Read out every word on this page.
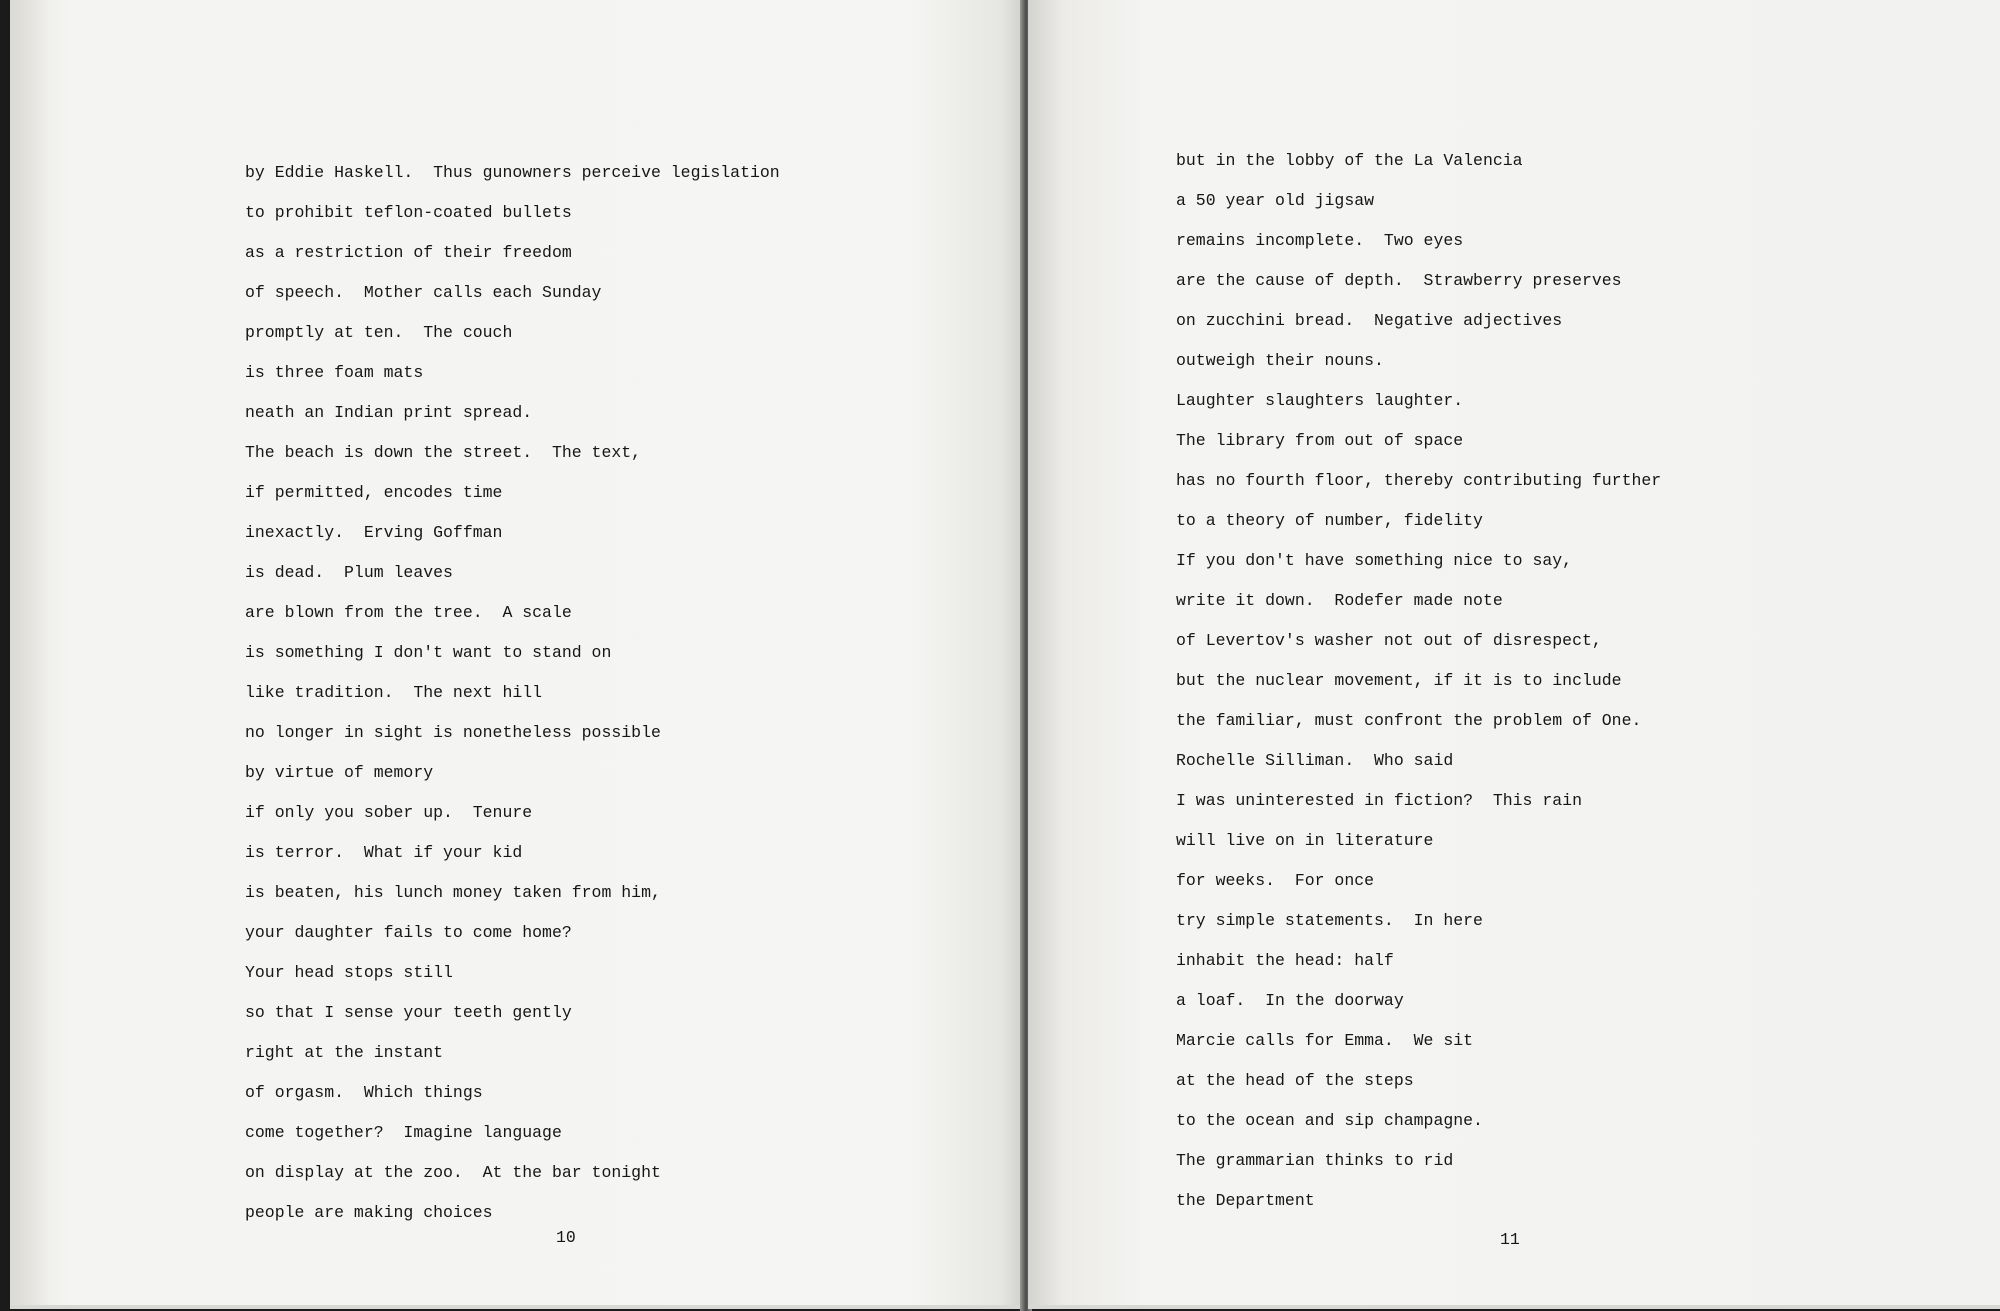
by Eddie Haskell.  Thus gunowners perceive legislation
to prohibit teflon-coated bullets
as a restriction of their freedom
of speech.  Mother calls each Sunday
promptly at ten.  The couch
is three foam mats
neath an Indian print spread.
The beach is down the street.  The text,
if permitted, encodes time
inexactly.  Erving Goffman
is dead.  Plum leaves
are blown from the tree.  A scale
is something I don't want to stand on
like tradition.  The next hill
no longer in sight is nonetheless possible
by virtue of memory
if only you sober up.  Tenure
is terror.  What if your kid
is beaten, his lunch money taken from him,
your daughter fails to come home?
Your head stops still
so that I sense your teeth gently
right at the instant
of orgasm.  Which things
come together?  Imagine language
on display at the zoo.  At the bar tonight
people are making choices
10
but in the lobby of the La Valencia
a 50 year old jigsaw
remains incomplete.  Two eyes
are the cause of depth.  Strawberry preserves
on zucchini bread.  Negative adjectives
outweigh their nouns.
Laughter slaughters laughter.
The library from out of space
has no fourth floor, thereby contributing further
to a theory of number, fidelity
If you don't have something nice to say,
write it down.  Rodefer made note
of Levertov's washer not out of disrespect,
but the nuclear movement, if it is to include
the familiar, must confront the problem of One.
Rochelle Silliman.  Who said
I was uninterested in fiction?  This rain
will live on in literature
for weeks.  For once
try simple statements.  In here
inhabit the head: half
a loaf.  In the doorway
Marcie calls for Emma.  We sit
at the head of the steps
to the ocean and sip champagne.
The grammarian thinks to rid
the Department
11
